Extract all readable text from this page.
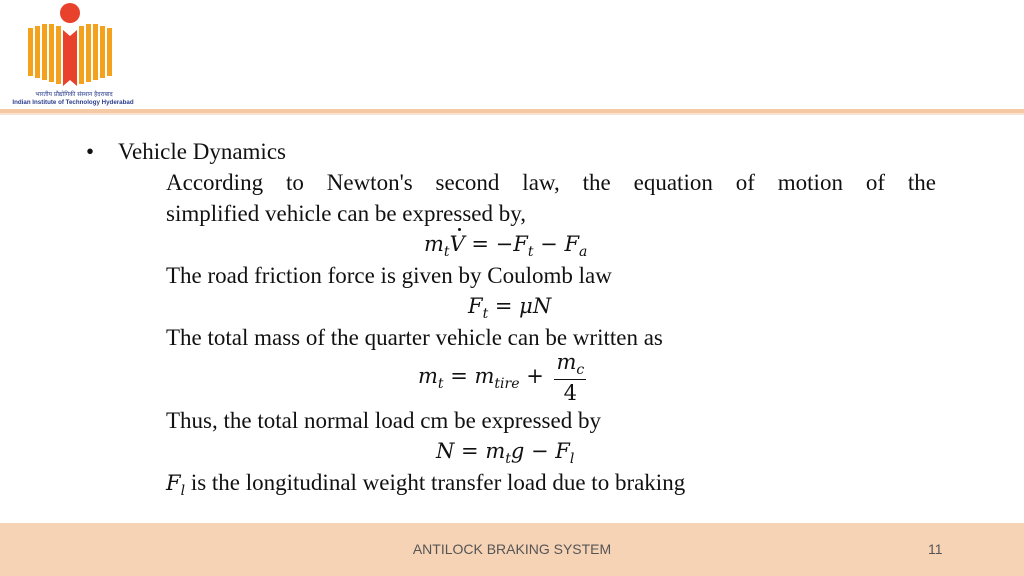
भारतीय प्रौद्योगिकी संस्थान हैदराबाद
Indian Institute of Technology Hyderabad
• Vehicle Dynamics
According to Newton's second law, the equation of motion of the
simplified vehicle can be expressed by,
$m_tV = -F_t - F_a$
The road friction force is given by Coulomb law
$F_t = \mu N$
The total mass of the quarter vehicle can be written as
$m_t = m_{tire} + \frac{m_c}{4}$
Thus, the total normal load cm be expressed by
$N = m_tg - F_l$
$F_l$ is the longitudinal weight transfer load due to braking
ANTILOCK BRAKING SYSTEM	11
